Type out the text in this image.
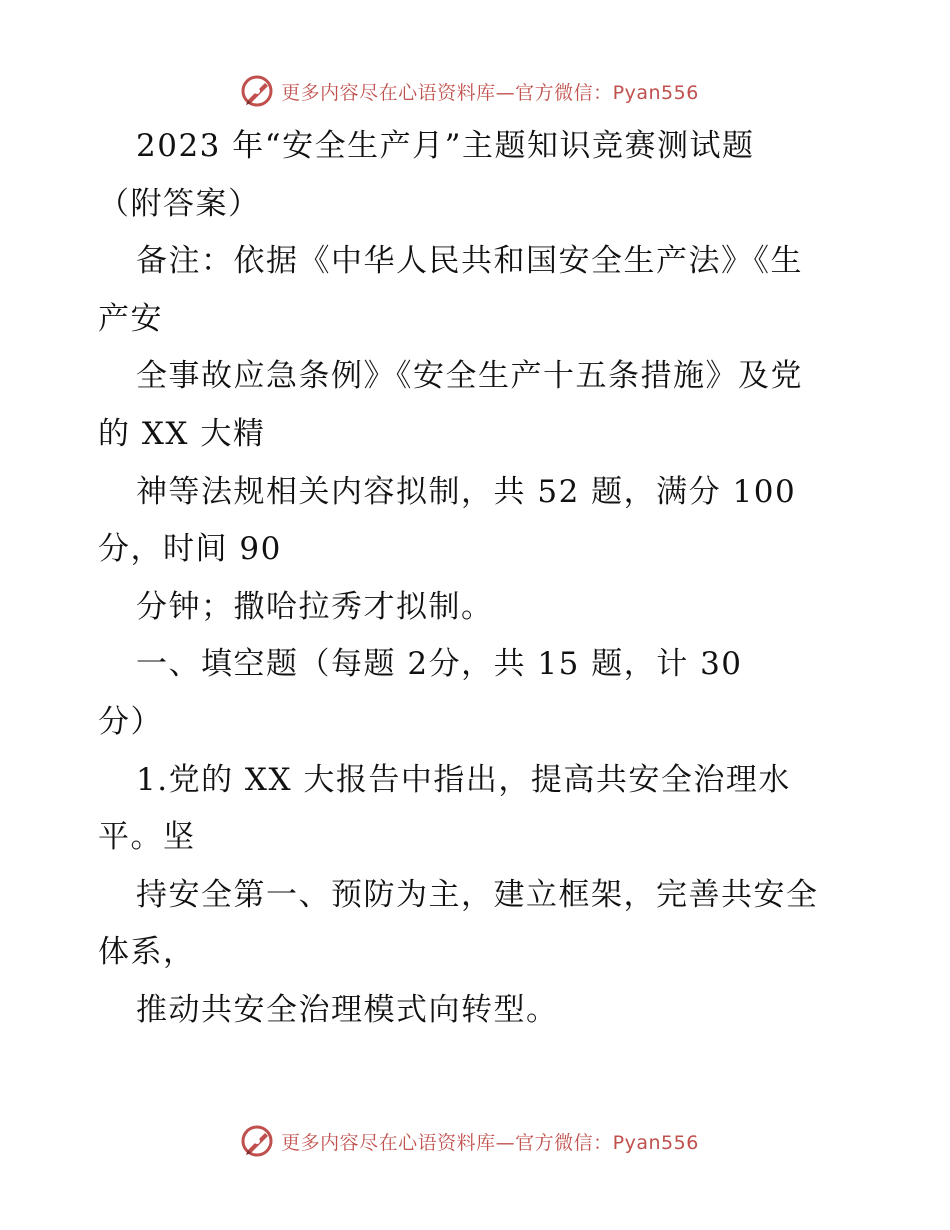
更多内容尽在心语资料库—官方微信：Pyan556
2023 年“安全生产月”主题知识竞赛测试题
（附答案）
备注：依据《中华人民共和国安全生产法》《生
产安
全事故应急条例》《安全生产十五条措施》及党
的 XX 大精
神等法规相关内容拟制，共 52 题，满分 100
分，时间 90
分钟；撒哈拉秀才拟制。
一、填空题（每题 2分，共 15 题，计 30
分）
1.党的 XX 大报告中指出，提高共安全治理水
平。坚
持安全第一、预防为主，建立框架，完善共安全
体系，
推动共安全治理模式向转型。
更多内容尽在心语资料库—官方微信：Pyan556
